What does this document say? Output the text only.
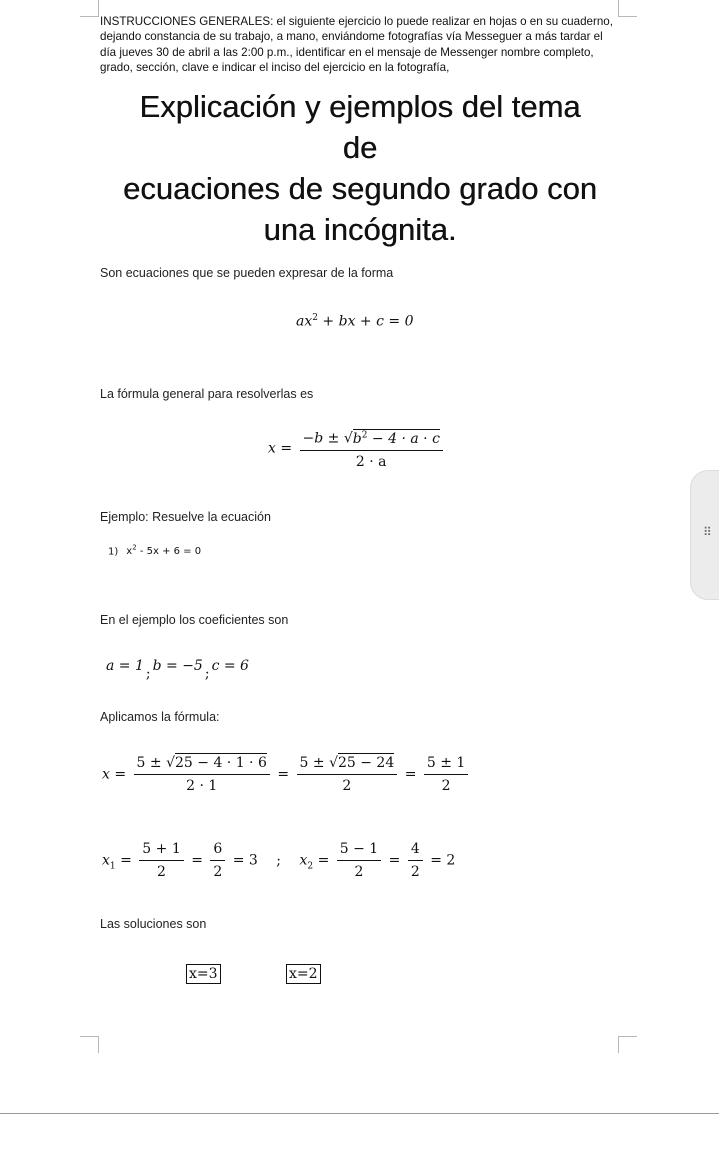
INSTRUCCIONES GENERALES: el siguiente ejercicio lo puede realizar en hojas o en su cuaderno, dejando constancia de su trabajo, a mano, enviándome fotografías vía Messeguer a más tardar el día jueves 30 de abril a las 2:00 p.m., identificar en el mensaje de Messenger nombre completo, grado, sección, clave e indicar el inciso del ejercicio en la fotografía,
Explicación y ejemplos del tema
de
ecuaciones de segundo grado con
una incógnita.
Son ecuaciones que se pueden expresar de la forma
$ax^2$ + bx + c = 0
La fórmula general para resolverlas es
$x = \frac{-b \pm √b^2 - 4 \cdot a \cdot c}{2 \cdot a}$
Ejemplo: Resuelve la ecuación
1) $x^2 - 5x + 6 = 0$
En el ejemplo los coeficientes son
a = 1 ; b = −5 ; c = 6
Aplicamos la fórmula:
$x = \frac{5 \pm √25 - 4 \cdot 1 \cdot 6}{2 \cdot 1} = \frac{5 \pm √25 - 24}{2} = \frac{5 \pm 1}{2}$
$x_1 = \frac{5 + 1}{2} = \frac{6}{2} = 3$ ; $x_2 = \frac{5 - 1}{2} = \frac{4}{2} = 2$
Las soluciones son
x=3	x=2
⠿
